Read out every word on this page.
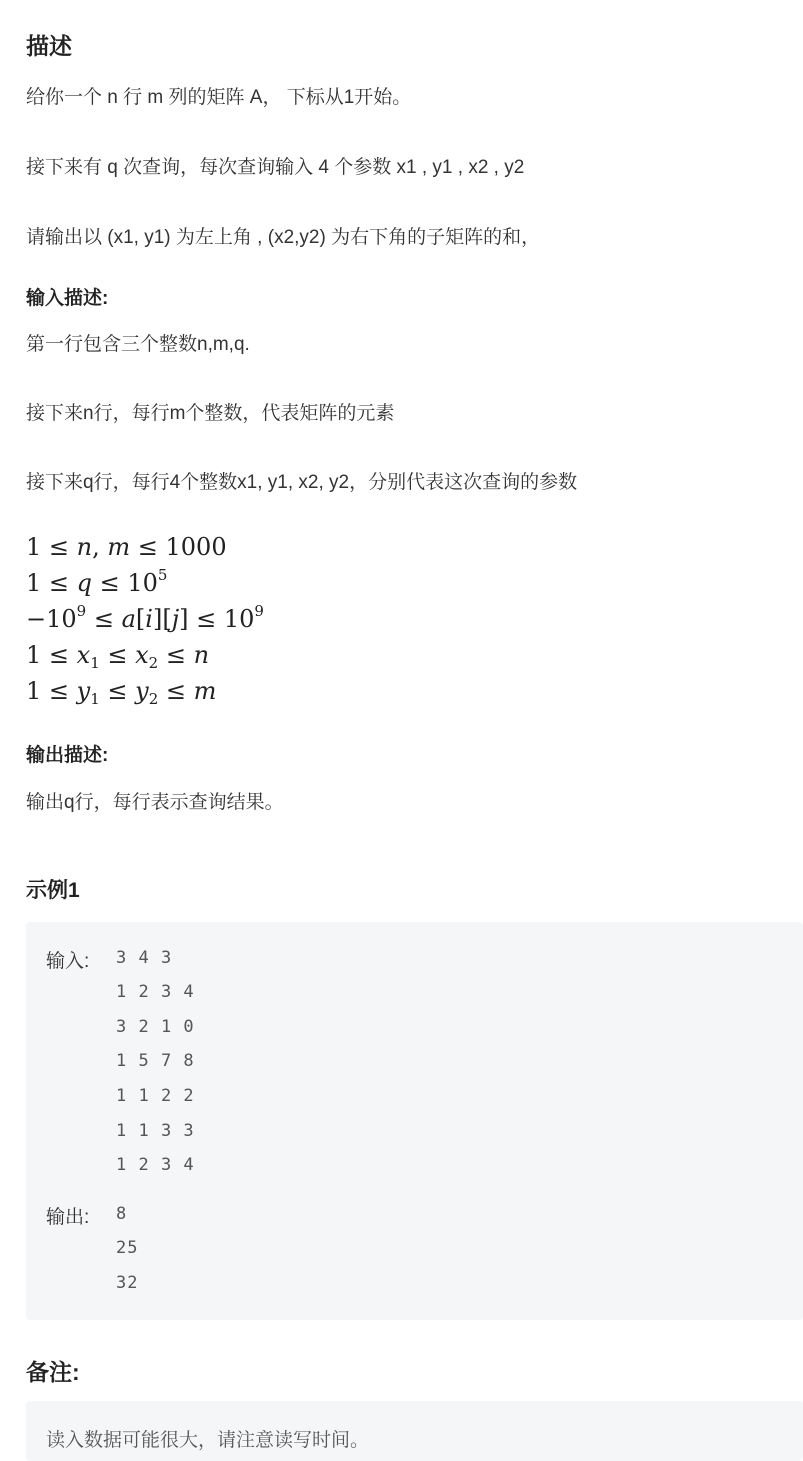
描述
给你一个 n 行 m 列的矩阵 A， 下标从1开始。
接下来有 q 次查询，每次查询输入 4 个参数 x1 , y1 , x2 , y2
请输出以 (x1, y1) 为左上角 , (x2,y2) 为右下角的子矩阵的和，
输入描述:
第一行包含三个整数n,m,q.
接下来n行，每行m个整数，代表矩阵的元素
接下来q行，每行4个整数x1, y1, x2, y2，分别代表这次查询的参数
1 ≤ n, m ≤ 1000
$1 \le q \le 10^5$
$-10^9 \le a[i][j] \le 10^9$
$1 \le x_1 \le x_2 \le n$
$1 \le y_1 \le y_2 \le m$
输出描述:
输出q行，每行表示查询结果。
示例1
输入: 3 4 3
1 2 3 4
3 2 1 0
1 5 7 8
1 1 2 2
1 1 3 3
1 2 3 4
输出: 8
25
32
备注:
读入数据可能很大，请注意读写时间。
